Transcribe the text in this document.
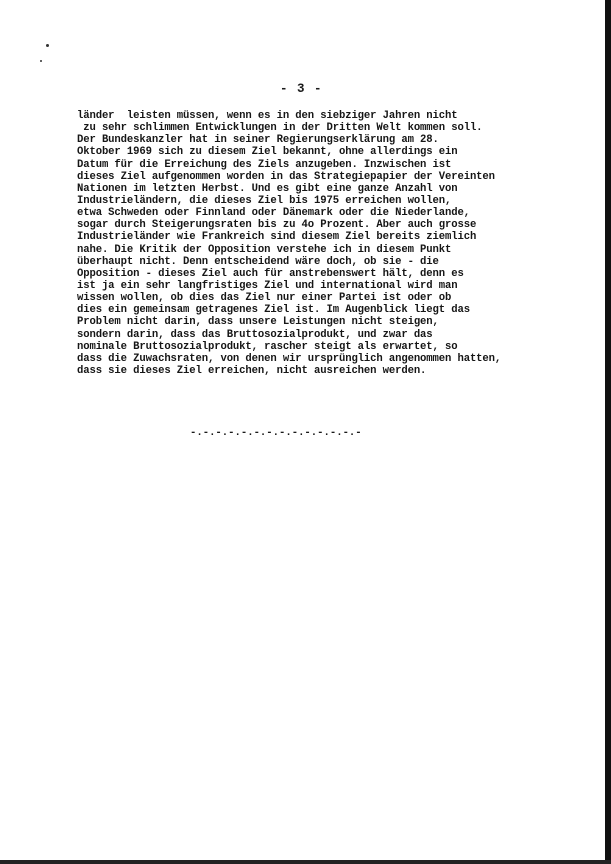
- 3 -

länder  leisten müssen, wenn es in den siebziger Jahren nicht
zu sehr schlimmen Entwicklungen in der Dritten Welt kommen soll.
Der Bundeskanzler hat in seiner Regierungserklärung am 28.
Oktober 1969 sich zu diesem Ziel bekannt, ohne allerdings ein
Datum für die Erreichung des Ziels anzugeben. Inzwischen ist
dieses Ziel aufgenommen worden in das Strategiepapier der Vereinten
Nationen im letzten Herbst. Und es gibt eine ganze Anzahl von
Industrieländern, die dieses Ziel bis 1975 erreichen wollen,
etwa Schweden oder Finnland oder Dänemark oder die Niederlande,
sogar durch Steigerungsraten bis zu 4o Prozent. Aber auch grosse
Industrieländer wie Frankreich sind diesem Ziel bereits ziemlich
nahe. Die Kritik der Opposition verstehe ich in diesem Punkt
überhaupt nicht. Denn entscheidend wäre doch, ob sie - die
Opposition - dieses Ziel auch für anstrebenswert hält, denn es
ist ja ein sehr langfristiges Ziel und international wird man
wissen wollen, ob dies das Ziel nur einer Partei ist oder ob
dies ein gemeinsam getragenes Ziel ist. Im Augenblick liegt das
Problem nicht darin, dass unsere Leistungen nicht steigen,
sondern darin, dass das Bruttosozialprodukt, und zwar das
nominale Bruttosozialprodukt, rascher steigt als erwartet, so
dass die Zuwachsraten, von denen wir ursprünglich angenommen hatten,
dass sie dieses Ziel erreichen, nicht ausreichen werden.

-.-.-.-.-.-.-.-.-.-.-.-.-.-
